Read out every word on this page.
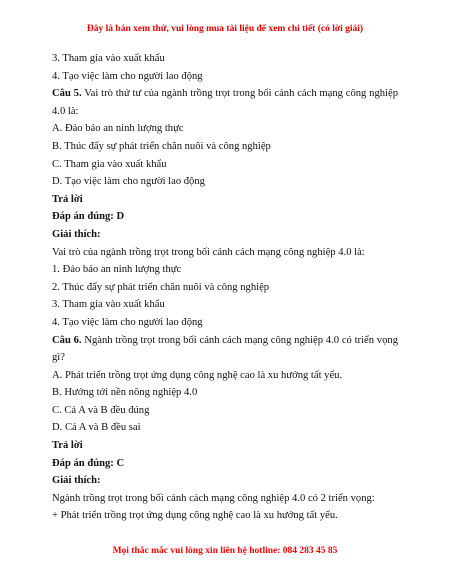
Đây là bản xem thử, vui lòng mua tài liệu để xem chi tiết (có lời giải)
3. Tham gia vào xuất khẩu
4. Tạo việc làm cho người lao động
Câu 5. Vai trò thứ tư của ngành trồng trọt trong bối cảnh cách mạng công nghiệp 4.0 là:
A. Đảo bảo an ninh lượng thực
B. Thúc đẩy sự phát triển chăn nuôi và công nghiệp
C. Tham gia vào xuất khẩu
D. Tạo việc làm cho người lao động
Trả lời
Đáp án đúng: D
Giải thích:
Vai trò của ngành trồng trọt trong bối cảnh cách mạng công nghiệp 4.0 là:
1. Đảo bảo an ninh lượng thực
2. Thúc đẩy sự phát triển chăn nuôi và công nghiệp
3. Tham gia vào xuất khẩu
4. Tạo việc làm cho người lao động
Câu 6. Ngành trồng trọt trong bối cảnh cách mạng công nghiệp 4.0 có triển vọng gì?
A. Phát triển trồng trọt ứng dụng công nghệ cao là xu hướng tất yếu.
B. Hướng tới nền nông nghiệp 4.0
C. Cả A và B đều đúng
D. Cả A và B đều sai
Trả lời
Đáp án đúng: C
Giải thích:
Ngành trồng trọt trong bối cảnh cách mạng công nghiệp 4.0 có 2 triển vọng:
+ Phát triển trồng trọt ứng dụng công nghệ cao là xu hướng tất yếu.
Mọi thắc mắc vui lòng xin liên hệ hotline: 084 283 45 85
